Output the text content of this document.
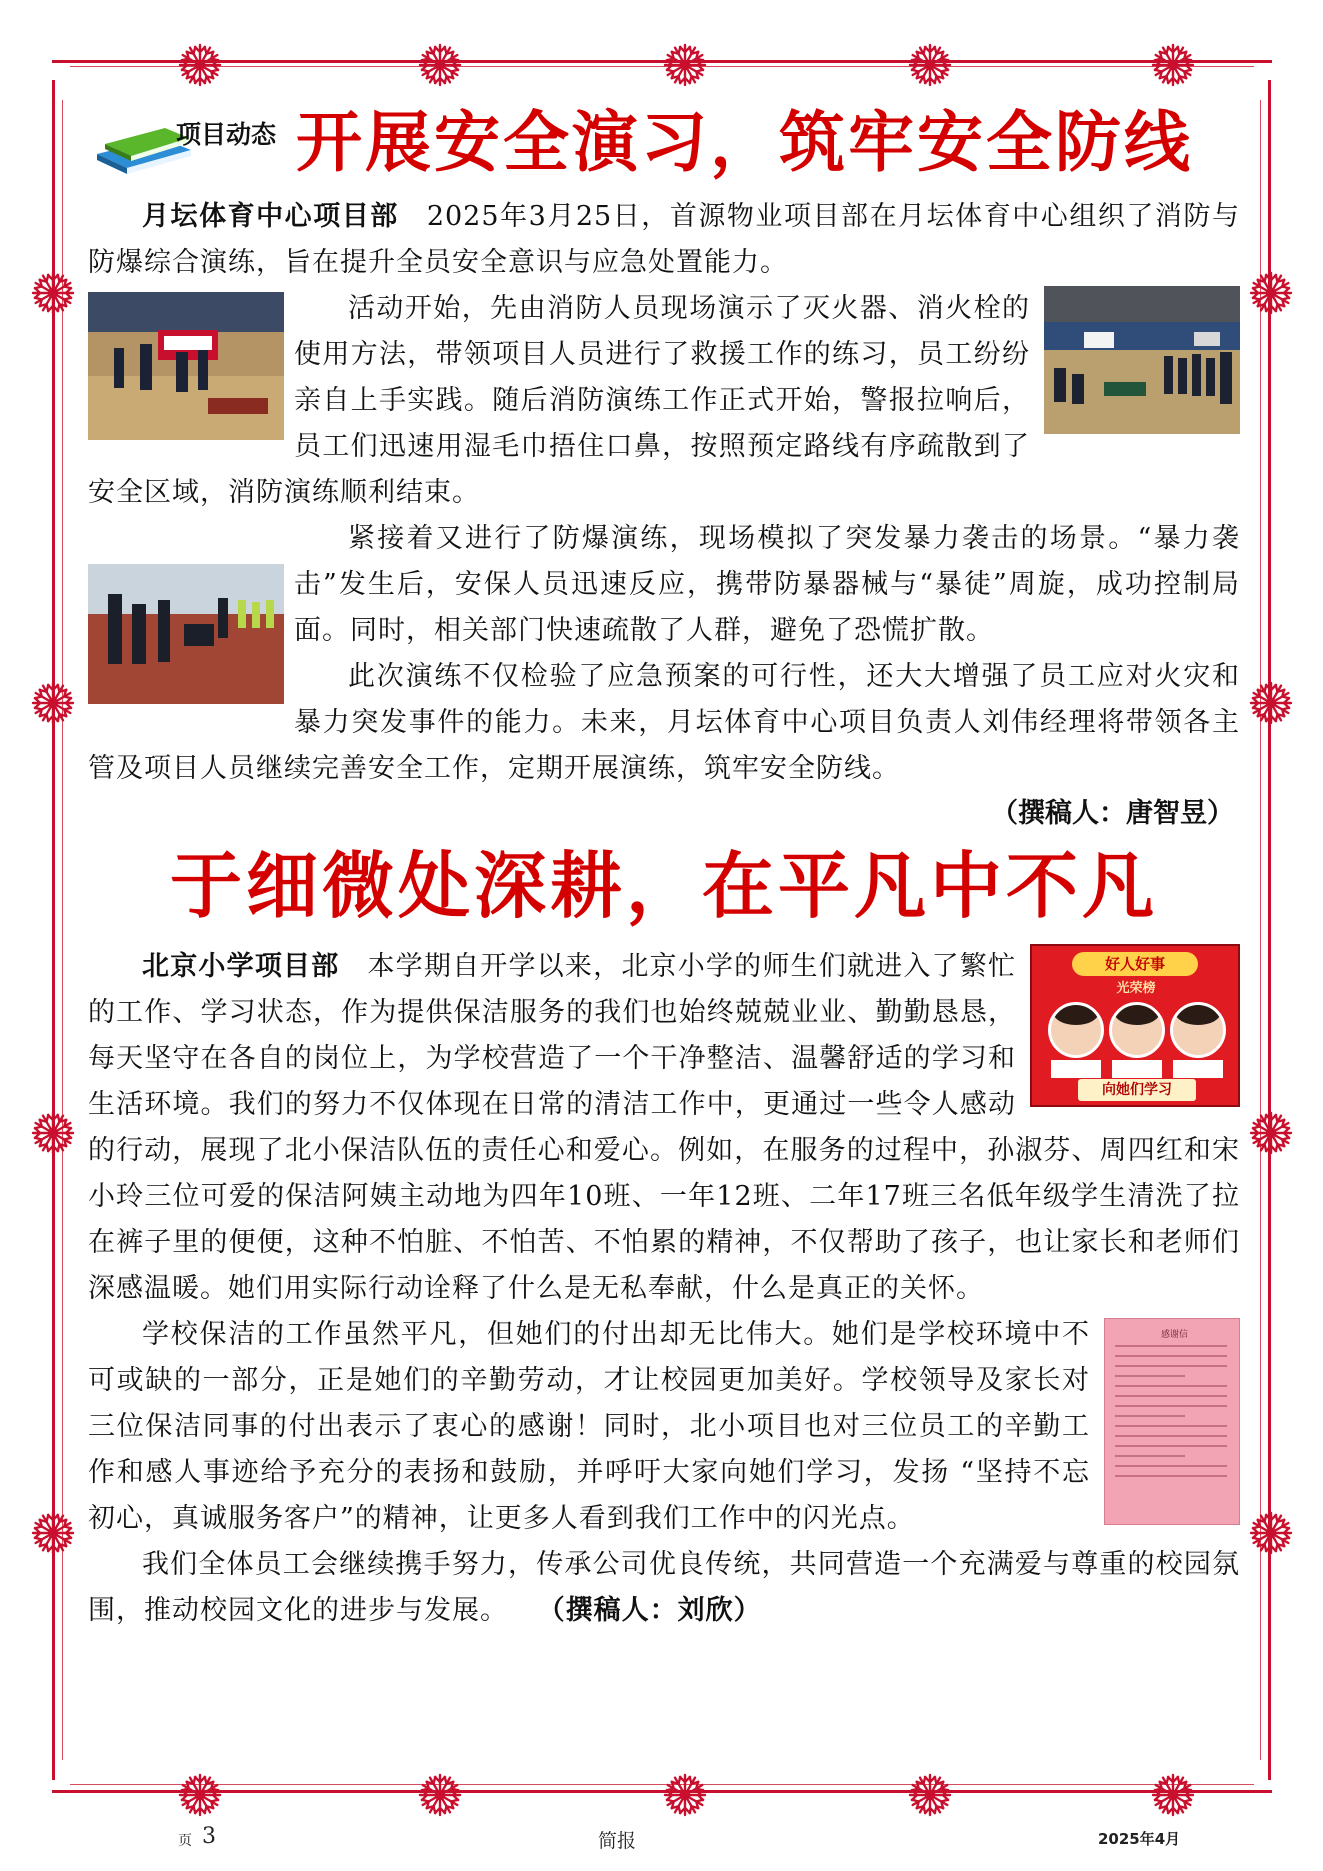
项目动态 开展安全演习，筑牢安全防线

月坛体育中心项目部 2025年3月25日，首源物业项目部在月坛体育中心组织了消防与防爆综合演练，旨在提升全员安全意识与应急处置能力。

活动开始，先由消防人员现场演示了灭火器、消火栓的使用方法，带领项目人员进行了救援工作的练习，员工纷纷亲自上手实践。随后消防演练工作正式开始，警报拉响后，员工们迅速用湿毛巾捂住口鼻，按照预定路线有序疏散到了安全区域，消防演练顺利结束。

紧接着又进行了防爆演练，现场模拟了突发暴力袭击的场景。“暴力袭击”发生后，安保人员迅速反应，携带防暴器械与“暴徒”周旋，成功控制局面。同时，相关部门快速疏散了人群，避免了恐慌扩散。

此次演练不仅检验了应急预案的可行性，还大大增强了员工应对火灾和暴力突发事件的能力。未来，月坛体育中心项目负责人刘伟经理将带领各主管及项目人员继续完善安全工作，定期开展演练，筑牢安全防线。

（撰稿人：唐智昱）
于细微处深耕，在平凡中不凡
好人好事
光荣榜
向她们学习

北京小学项目部 本学期自开学以来，北京小学的师生们就进入了繁忙的工作、学习状态，作为提供保洁服务的我们也始终兢兢业业、勤勤恳恳，每天坚守在各自的岗位上，为学校营造了一个干净整洁、温馨舒适的学习和生活环境。我们的努力不仅体现在日常的清洁工作中，更通过一些令人感动的行动，展现了北小保洁队伍的责任心和爱心。例如，在服务的过程中，孙淑芬、周四红和宋小玲三位可爱的保洁阿姨主动地为四年10班、一年12班、二年17班三名低年级学生清洗了拉在裤子里的便便，这种不怕脏、不怕苦、不怕累的精神，不仅帮助了孩子，也让家长和老师们深感温暖。她们用实际行动诠释了什么是无私奉献，什么是真正的关怀。

感谢信

学校保洁的工作虽然平凡，但她们的付出却无比伟大。她们是学校环境中不可或缺的一部分，正是她们的辛勤劳动，才让校园更加美好。学校领导及家长对三位保洁同事的付出表示了衷心的感谢！同时，北小项目也对三位员工的辛勤工作和感人事迹给予充分的表扬和鼓励，并呼吁大家向她们学习，发扬 “坚持不忘初心，真诚服务客户”的精神，让更多人看到我们工作中的闪光点。

我们全体员工会继续携手努力，传承公司优良传统，共同营造一个充满爱与尊重的校园氛围，推动校园文化的进步与发展。 （撰稿人：刘欣）

页 3	简报	2025年4月
